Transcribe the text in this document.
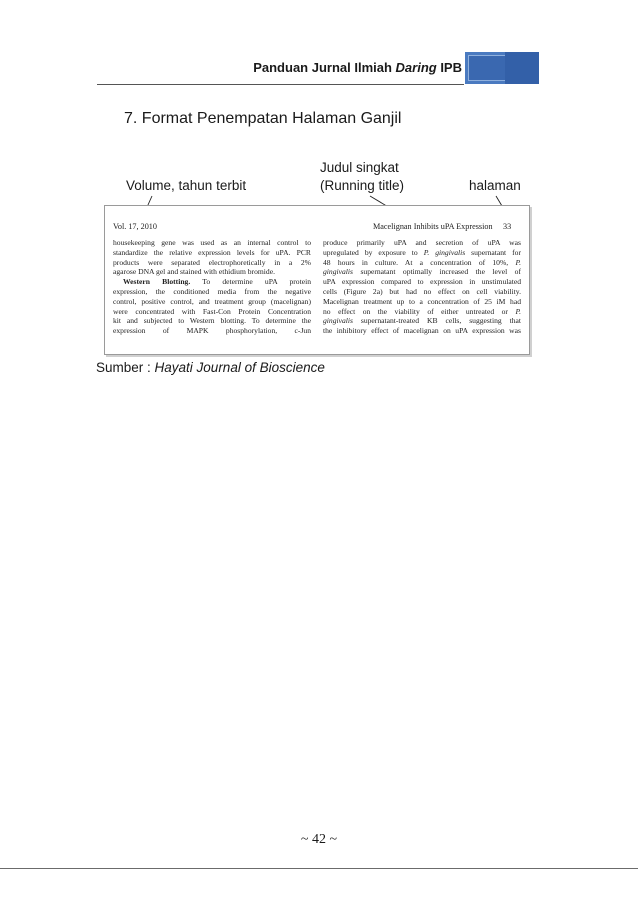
Panduan Jurnal Ilmiah Daring IPB
7. Format Penempatan Halaman Ganjil
Volume, tahun terbit
Judul singkat
(Running title)	halaman
Vol. 17, 2010	Macelignan Inhibits uPA Expression 33

housekeeping gene was used as an internal control to

standardize the relative expression levels for uPA. PCR

products were separated electrophoretically in a 2%

agarose DNA gel and stained with ethidium bromide.

Western Blotting. To determine uPA protein

expression, the conditioned media from the negative

control, positive control, and treatment group (macelignan)

were concentrated with Fast-Con Protein Concentration

kit and subjected to Western blotting. To determine the

expression of MAPK phosphorylation, c-Jun

produce primarily uPA and secretion of uPA was

upregulated by exposure to P. gingivalis supernatant for

48 hours in culture. At a concentration of 10%, P.

gingivalis supernatant optimally increased the level of

uPA expression compared to expression in unstimulated

cells (Figure 2a) but had no effect on cell viability.

Macelignan treatment up to a concentration of 25 iM had

no effect on the viability of either untreated or P.

gingivalis supernatant-treated KB cells, suggesting that

the inhibitory effect of macelignan on uPA expression was

Sumber : Hayati Journal of Bioscience
~ 42 ~
